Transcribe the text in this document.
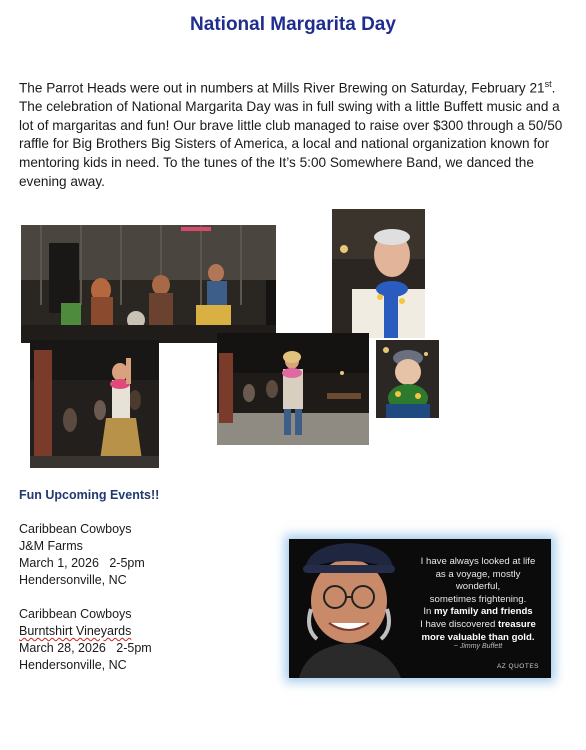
National Margarita Day
The Parrot Heads were out in numbers at Mills River Brewing on Saturday, February 21st. The celebration of National Margarita Day was in full swing with a little Buffett music and a lot of margaritas and fun! Our brave little club managed to raise over $300 through a 50/50 raffle for Big Brothers Big Sisters of America, a local and national organization known for mentoring kids in need. To the tunes of the It’s 5:00 Somewhere Band, we danced the evening away.
Fun Upcoming Events!!
Caribbean Cowboys
J&M Farms
March 1, 2026   2-5pm
Hendersonville, NC
Caribbean Cowboys
Burntshirt Vineyards
March 28, 2026   2-5pm
Hendersonville, NC
I have always looked at life
as a voyage, mostly wonderful,
sometimes frightening.
In my family and friends
I have discovered treasure
more valuable than gold.
~ Jimmy Buffett
AZ QUOTES
